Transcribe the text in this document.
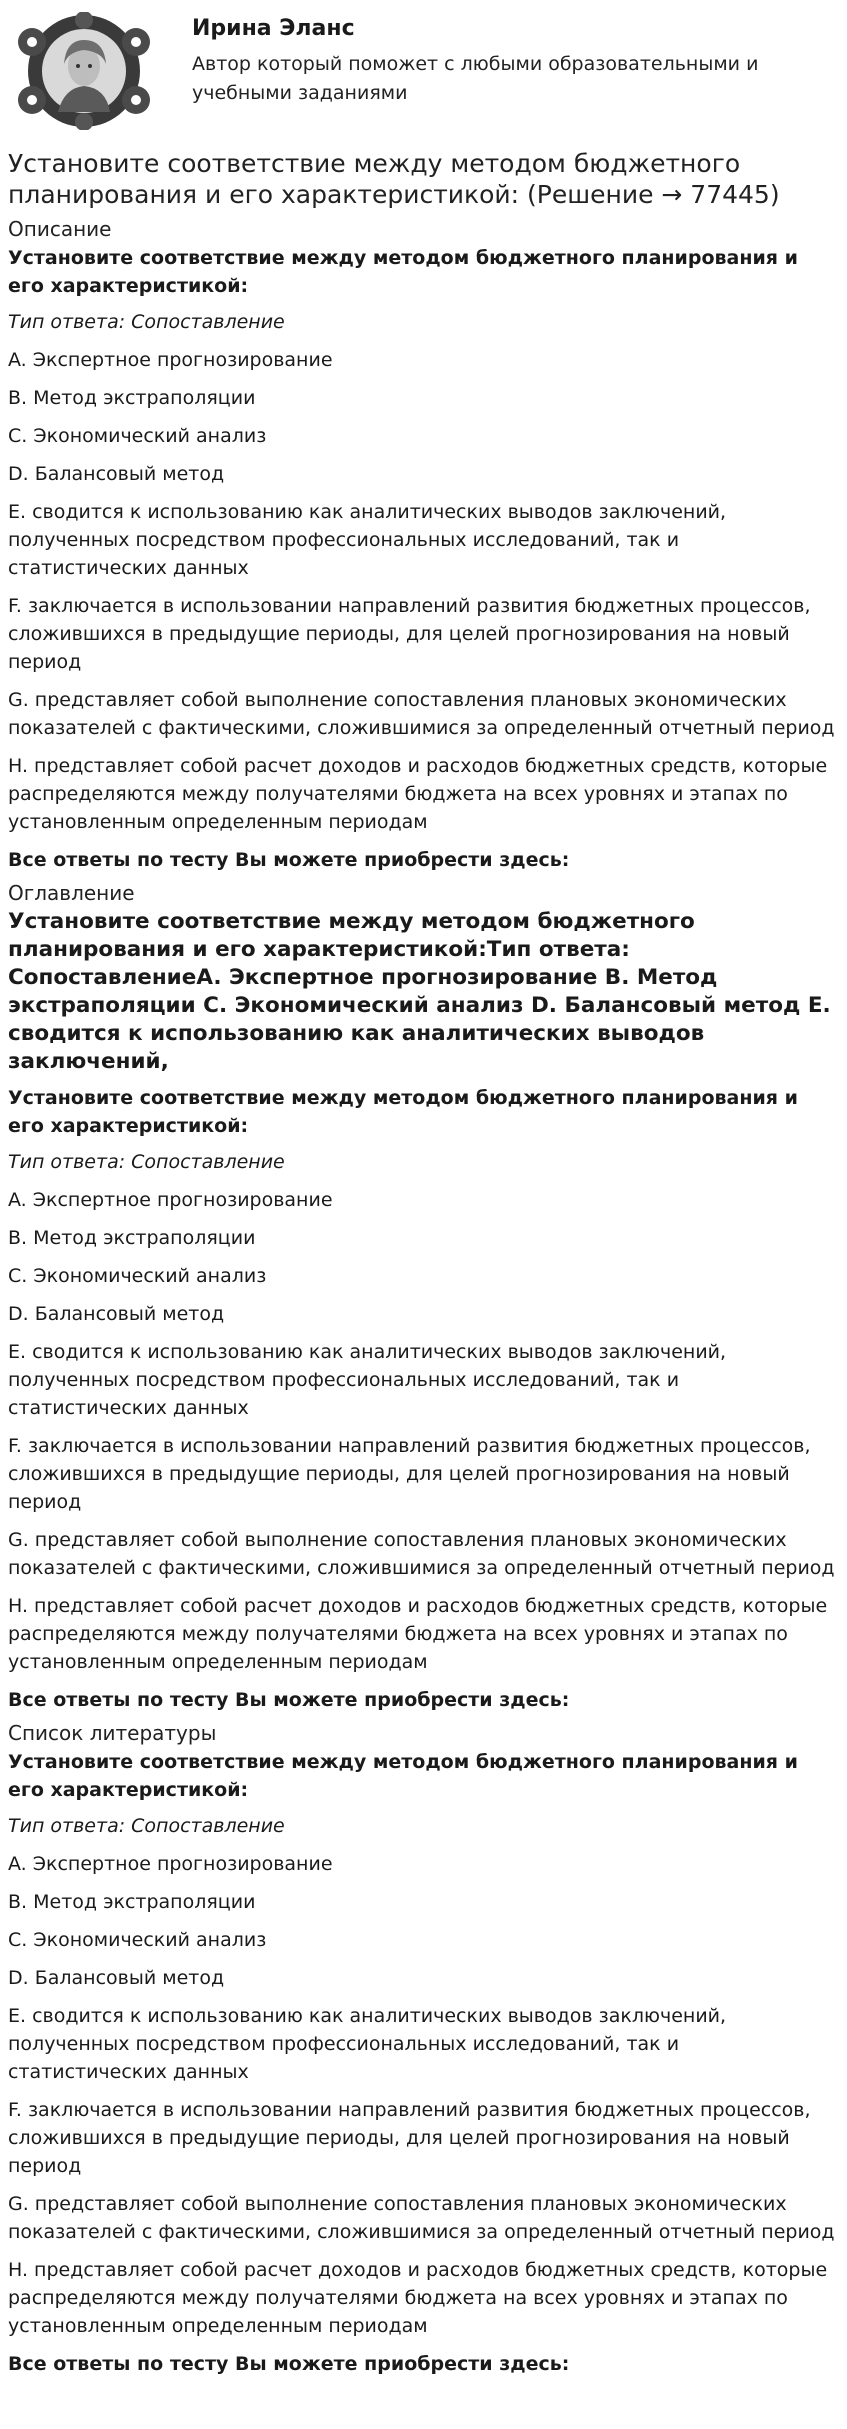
Ирина Эланс
Автор который поможет с любыми образовательными и учебными заданиями
Установите соответствие между методом бюджетного планирования и его характеристикой: (Решение → 77445)
Описание
Установите соответствие между методом бюджетного планирования и его характеристикой:
Тип ответа: Сопоставление
A. Экспертное прогнозирование
B. Метод экстраполяции
C. Экономический анализ
D. Балансовый метод
E. сводится к использованию как аналитических выводов заключений, полученных посредством профессиональных исследований, так и статистических данных
F. заключается в использовании направлений развития бюджетных процессов, сложившихся в предыдущие периоды, для целей прогнозирования на новый период
G. представляет собой выполнение сопоставления плановых экономических показателей с фактическими, сложившимися за определенный отчетный период
H. представляет собой расчет доходов и расходов бюджетных средств, которые распределяются между получателями бюджета на всех уровнях и этапах по установленным определенным периодам
Все ответы по тесту Вы можете приобрести здесь:
Оглавление
Установите соответствие между методом бюджетного планирования и его характеристикой:Тип ответа: СопоставлениеA. Экспертное прогнозирование B. Метод экстраполяции C. Экономический анализ D. Балансовый метод E. сводится к использованию как аналитических выводов заключений,
Установите соответствие между методом бюджетного планирования и его характеристикой:
Тип ответа: Сопоставление
A. Экспертное прогнозирование
B. Метод экстраполяции
C. Экономический анализ
D. Балансовый метод
E. сводится к использованию как аналитических выводов заключений, полученных посредством профессиональных исследований, так и статистических данных
F. заключается в использовании направлений развития бюджетных процессов, сложившихся в предыдущие периоды, для целей прогнозирования на новый период
G. представляет собой выполнение сопоставления плановых экономических показателей с фактическими, сложившимися за определенный отчетный период
H. представляет собой расчет доходов и расходов бюджетных средств, которые распределяются между получателями бюджета на всех уровнях и этапах по установленным определенным периодам
Все ответы по тесту Вы можете приобрести здесь:
Список литературы
Установите соответствие между методом бюджетного планирования и его характеристикой:
Тип ответа: Сопоставление
A. Экспертное прогнозирование
B. Метод экстраполяции
C. Экономический анализ
D. Балансовый метод
E. сводится к использованию как аналитических выводов заключений, полученных посредством профессиональных исследований, так и статистических данных
F. заключается в использовании направлений развития бюджетных процессов, сложившихся в предыдущие периоды, для целей прогнозирования на новый период
G. представляет собой выполнение сопоставления плановых экономических показателей с фактическими, сложившимися за определенный отчетный период
H. представляет собой расчет доходов и расходов бюджетных средств, которые распределяются между получателями бюджета на всех уровнях и этапах по установленным определенным периодам
Все ответы по тесту Вы можете приобрести здесь:
